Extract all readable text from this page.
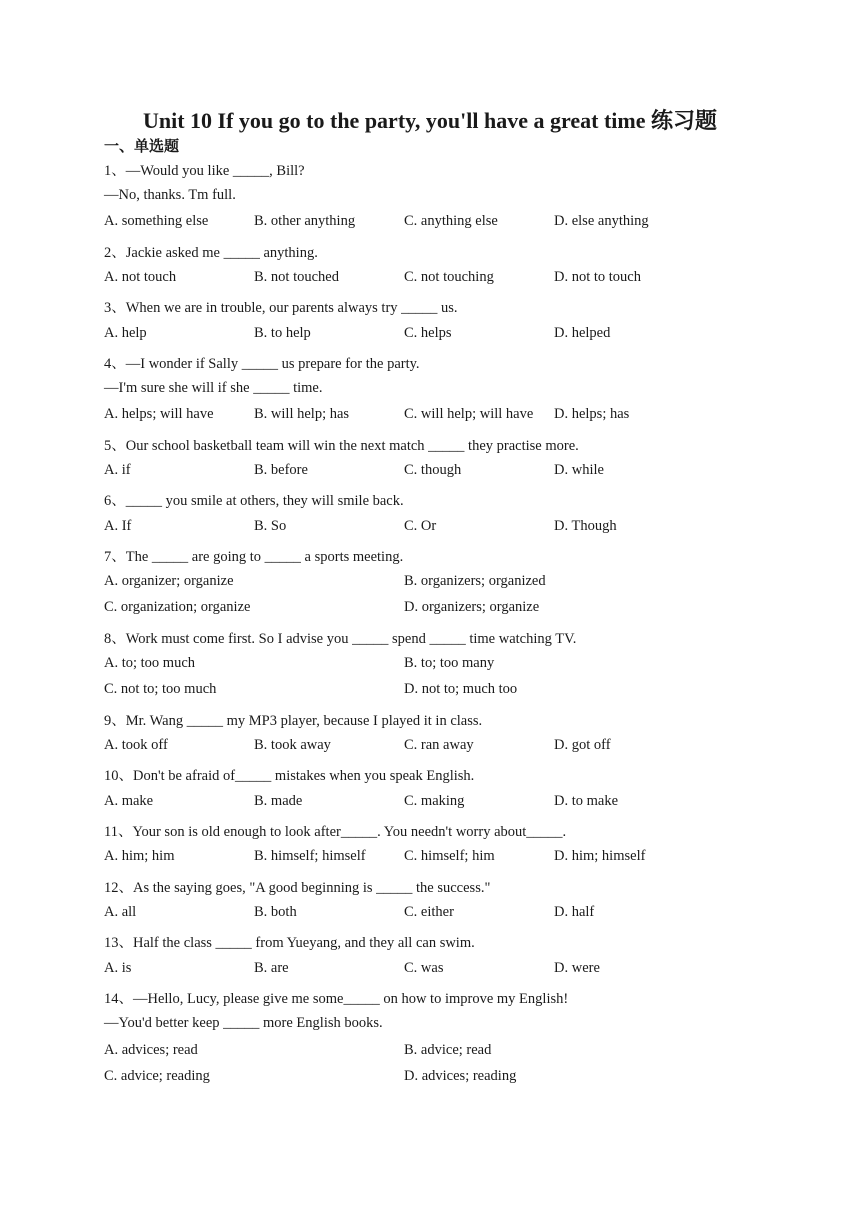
Unit 10 If you go to the party, you'll have a great time 练习题
一、单选题
1、—Would you like _____, Bill?
—No, thanks. Tm full.
A. something else	B. other anything	C. anything else	D. else anything
2、Jackie asked me _____ anything.
A. not touch	B. not touched	C. not touching	D. not to touch
3、When we are in trouble, our parents always try _____ us.
A. help	B. to help	C. helps	D. helped
4、—I wonder if Sally _____ us prepare for the party.
—I'm sure she will if she _____ time.
A. helps; will have	B. will help; has	C. will help; will have D. helps; has
5、Our school basketball team will win the next match _____ they practise more.
A. if	B. before	C. though	D. while
6、_____ you smile at others, they will smile back.
A. If	B. So	C. Or	D. Though
7、The _____ are going to _____ a sports meeting.
A. organizer; organize	B. organizers; organized
C. organization; organize	D. organizers; organize
8、Work must come first. So I advise you _____ spend _____ time watching TV.
A. to; too much	B. to; too many
C. not to; too much	D. not to; much too
9、Mr. Wang _____ my MP3 player, because I played it in class.
A. took off	B. took away	C. ran away	D. got off
10、Don't be afraid of_____ mistakes when you speak English.
A. make	B. made	C. making	D. to make
11、Your son is old enough to look after_____. You needn't worry about_____.
A. him; him	B. himself; himself	C. himself; him	D. him; himself
12、As the saying goes, "A good beginning is _____ the success."
A. all	B. both	C. either	D. half
13、Half the class _____ from Yueyang, and they all can swim.
A. is	B. are	C. was	D. were
14、—Hello, Lucy, please give me some_____ on how to improve my English!
—You'd better keep _____ more English books.
A. advices; read	B. advice; read
C. advice; reading	D. advices; reading
